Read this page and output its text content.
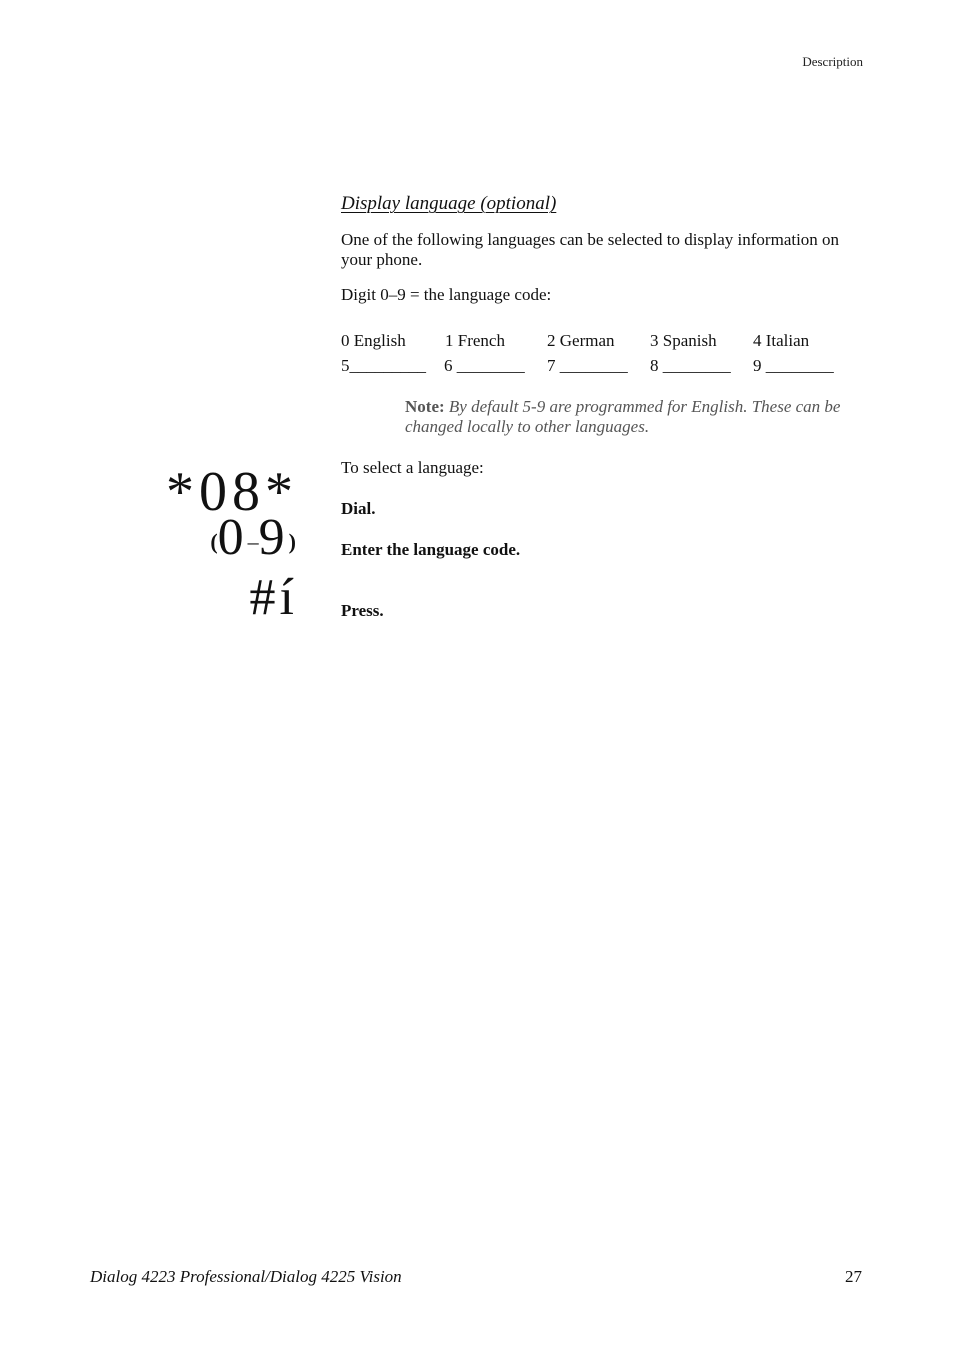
Description
Display language (optional)
One of the following languages can be selected to display information on your phone.
Digit 0–9 = the language code:
0 English 1 French 2 German 3 Spanish 4 Italian
5_________ 6 ________ 7 ________ 8 ________ 9 ________
Note: By default 5-9 are programmed for English. These can be changed locally to other languages.
To select a language:
*08*	Dial.
(0–9)	Enter the language code.
#í	Press.
Dialog 4223 Professional/Dialog 4225 Vision	27
